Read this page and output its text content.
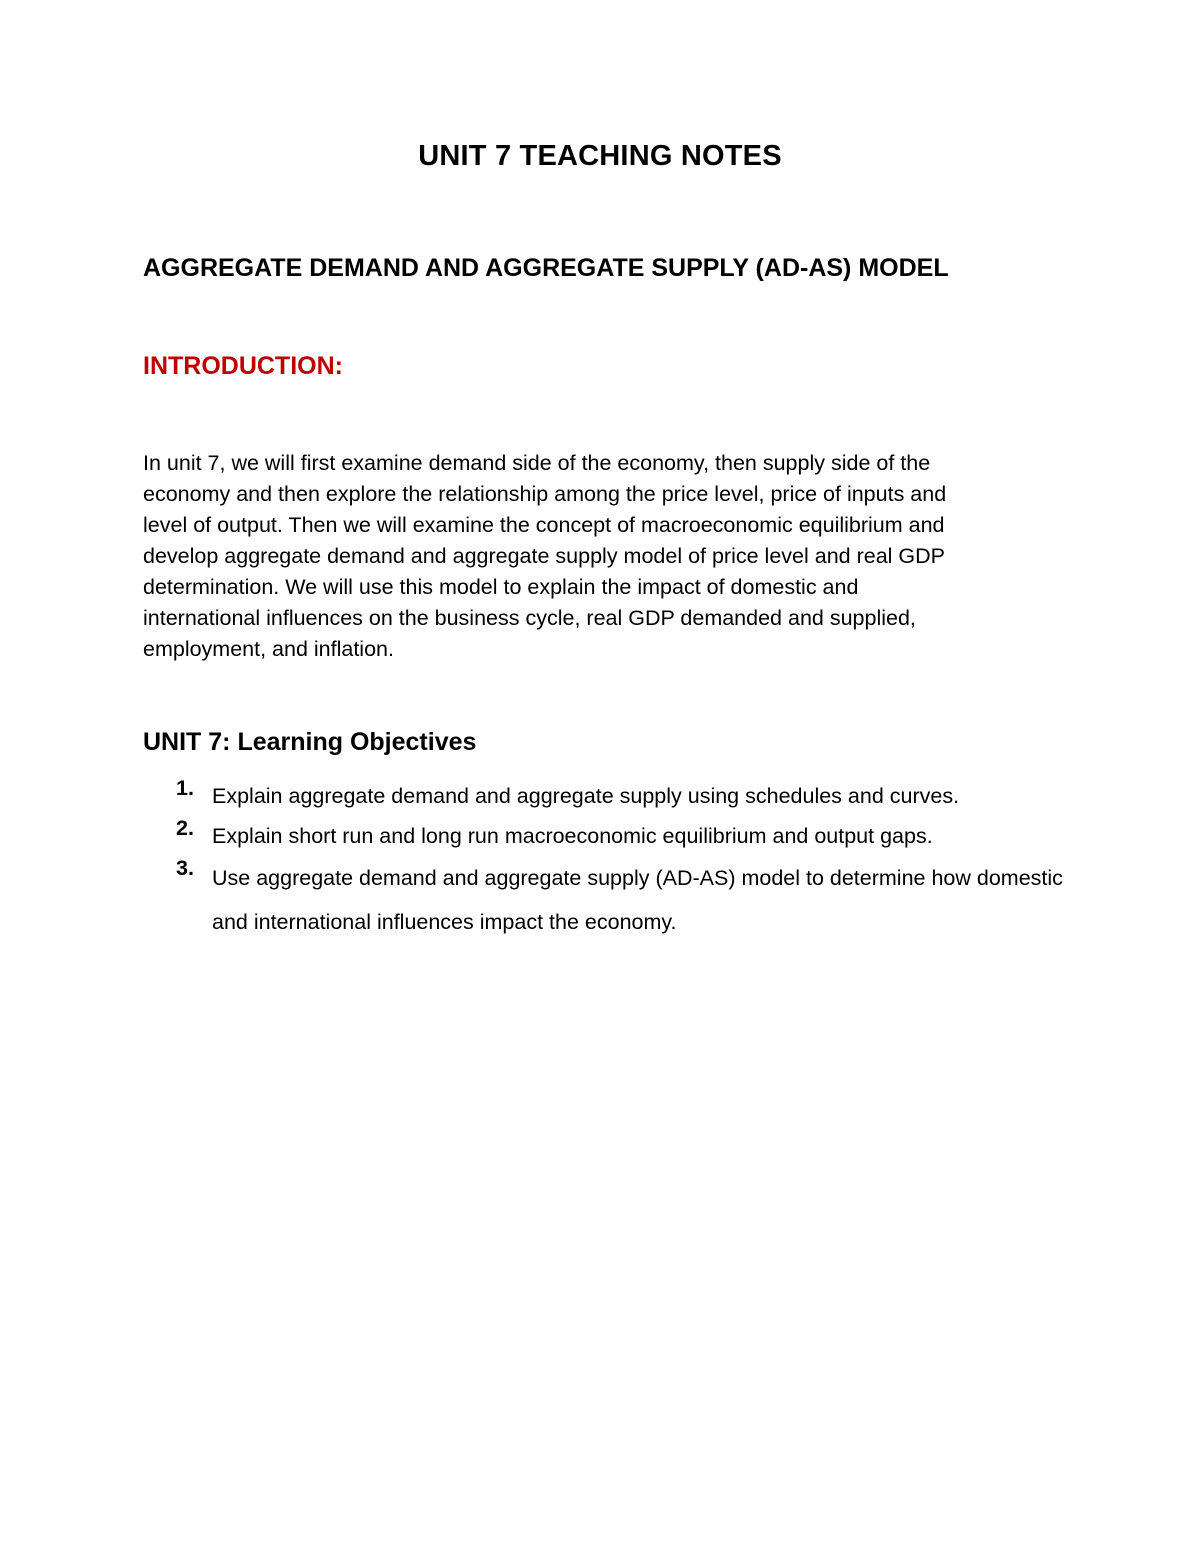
UNIT 7 TEACHING NOTES
AGGREGATE DEMAND AND AGGREGATE SUPPLY (AD-AS) MODEL
INTRODUCTION:

In unit 7, we will first examine demand side of the economy, then supply side of the
economy and then explore the relationship among the price level, price of inputs and
level of output. Then we will examine the concept of macroeconomic equilibrium and
develop aggregate demand and aggregate supply model of price level and real GDP
determination. We will use this model to explain the impact of domestic and
international influences on the business cycle, real GDP demanded and supplied,
employment, and inflation.

UNIT 7: Learning Objectives
1. Explain aggregate demand and aggregate supply using schedules and curves.
2. Explain short run and long run macroeconomic equilibrium and output gaps.
3. Use aggregate demand and aggregate supply (AD-AS) model to determine how domestic and international influences impact the economy.
